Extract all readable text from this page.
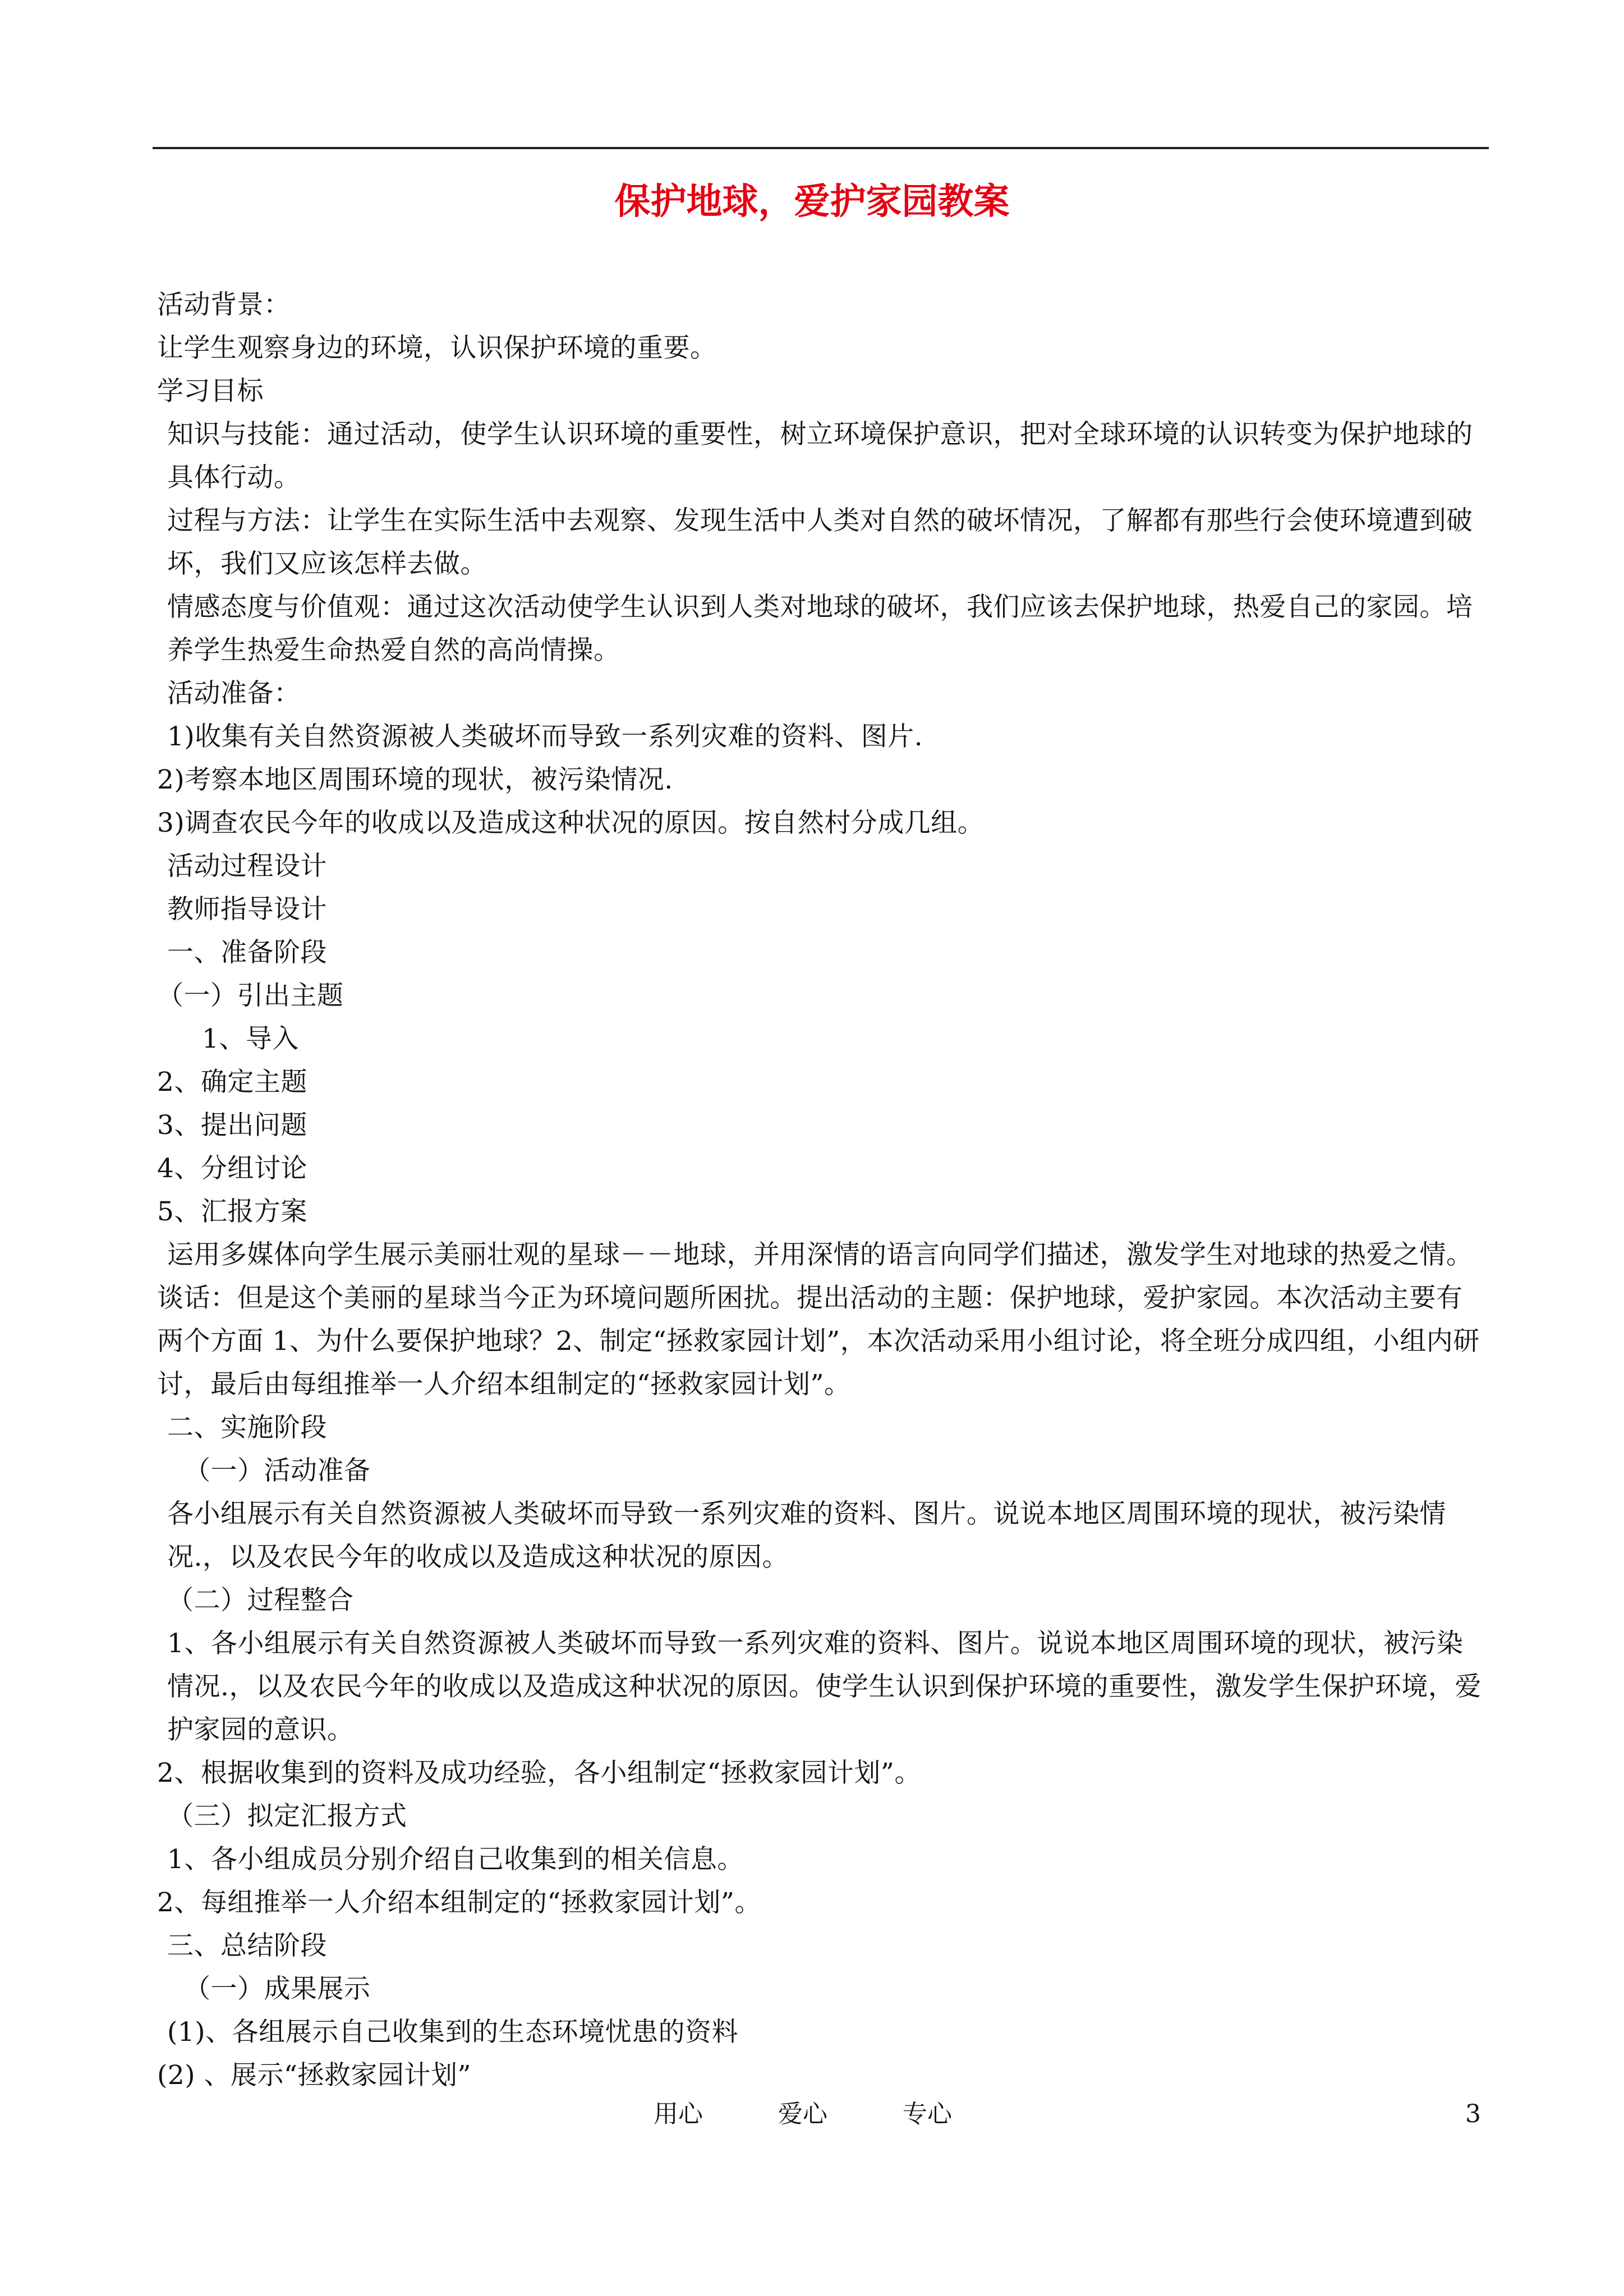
保护地球，爱护家园教案

活动背景：

让学生观察身边的环境，认识保护环境的重要。

学习目标

知识与技能：通过活动，使学生认识环境的重要性，树立环境保护意识，把对全球环境的认识转变为保护地球的具体行动。

过程与方法：让学生在实际生活中去观察、发现生活中人类对自然的破坏情况，了解都有那些行会使环境遭到破坏，我们又应该怎样去做。

情感态度与价值观：通过这次活动使学生认识到人类对地球的破坏，我们应该去保护地球，热爱自己的家园。培养学生热爱生命热爱自然的高尚情操。

活动准备：

1)收集有关自然资源被人类破坏而导致一系列灾难的资料、图片.

2)考察本地区周围环境的现状，被污染情况.

3)调查农民今年的收成以及造成这种状况的原因。按自然村分成几组。

活动过程设计

教师指导设计

一、准备阶段

（一）引出主题

1、导入

2、确定主题

3、提出问题

4、分组讨论

5、汇报方案

运用多媒体向学生展示美丽壮观的星球－－地球，并用深情的语言向同学们描述，激发学生对地球的热爱之情。

谈话：但是这个美丽的星球当今正为环境问题所困扰。提出活动的主题：保护地球，爱护家园。本次活动主要有两个方面 1、为什么要保护地球？2、制定“拯救家园计划”，本次活动采用小组讨论，将全班分成四组，小组内研讨，最后由每组推举一人介绍本组制定的“拯救家园计划”。

二、实施阶段

（一）活动准备

各小组展示有关自然资源被人类破坏而导致一系列灾难的资料、图片。说说本地区周围环境的现状，被污染情况.，以及农民今年的收成以及造成这种状况的原因。

（二）过程整合

1、各小组展示有关自然资源被人类破坏而导致一系列灾难的资料、图片。说说本地区周围环境的现状，被污染情况.，以及农民今年的收成以及造成这种状况的原因。使学生认识到保护环境的重要性，激发学生保护环境，爱护家园的意识。

2、根据收集到的资料及成功经验，各小组制定“拯救家园计划”。

（三）拟定汇报方式

1、各小组成员分别介绍自己收集到的相关信息。

2、每组推举一人介绍本组制定的“拯救家园计划”。

三、总结阶段

（一）成果展示

(1)、各组展示自己收集到的生态环境忧患的资料

(2) 、展示“拯救家园计划”

用心	爱心	专心	3
